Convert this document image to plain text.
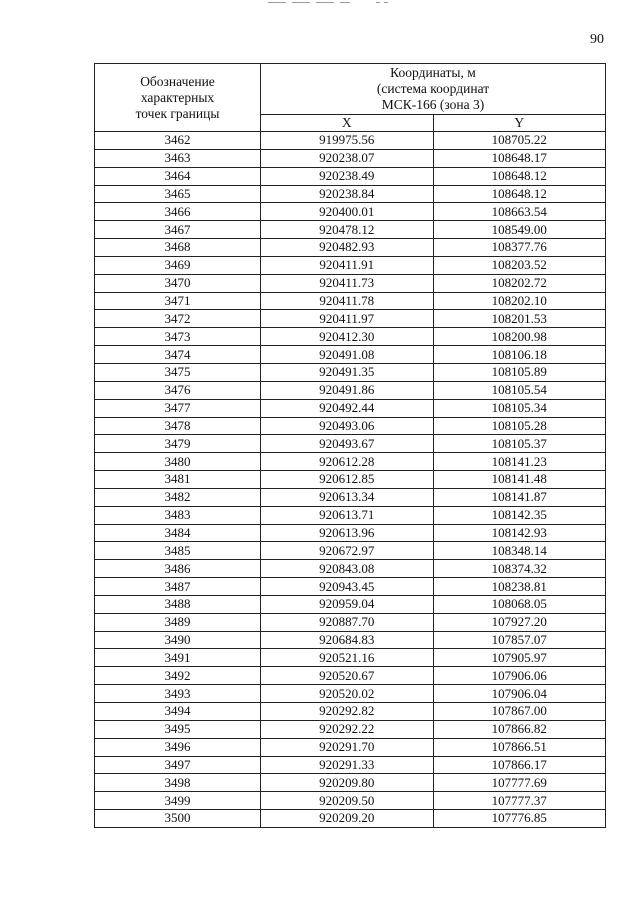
90
Обозначение
характерных
точек границы	Координаты, м
(система координат
МСК-166 (зона 3)	

	X	Y
3462	919975.56	108705.22
3463	920238.07	108648.17
3464	920238.49	108648.12
3465	920238.84	108648.12
3466	920400.01	108663.54
3467	920478.12	108549.00
3468	920482.93	108377.76
3469	920411.91	108203.52
3470	920411.73	108202.72
3471	920411.78	108202.10
3472	920411.97	108201.53
3473	920412.30	108200.98
3474	920491.08	108106.18
3475	920491.35	108105.89
3476	920491.86	108105.54
3477	920492.44	108105.34
3478	920493.06	108105.28
3479	920493.67	108105.37
3480	920612.28	108141.23
3481	920612.85	108141.48
3482	920613.34	108141.87
3483	920613.71	108142.35
3484	920613.96	108142.93
3485	920672.97	108348.14
3486	920843.08	108374.32
3487	920943.45	108238.81
3488	920959.04	108068.05
3489	920887.70	107927.20
3490	920684.83	107857.07
3491	920521.16	107905.97
3492	920520.67	107906.06
3493	920520.02	107906.04
3494	920292.82	107867.00
3495	920292.22	107866.82
3496	920291.70	107866.51
3497	920291.33	107866.17
3498	920209.80	107777.69
3499	920209.50	107777.37
3500	920209.20	107776.85
